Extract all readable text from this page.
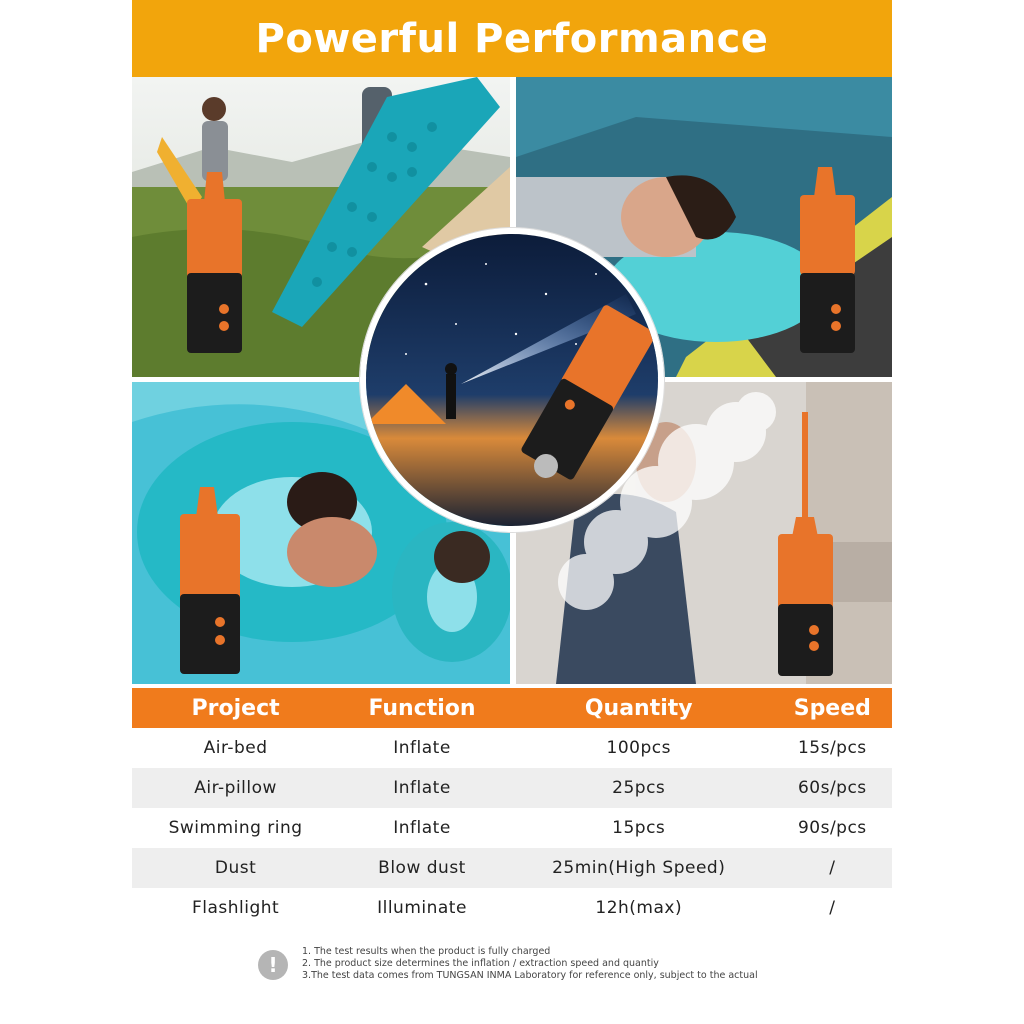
Powerful Performance
Project	Function	Quantity	Speed
Air-bed	Inflate	100pcs	15s/pcs
Air-pillow	Inflate	25pcs	60s/pcs
Swimming ring	Inflate	15pcs	90s/pcs
Dust	Blow dust	25min(High Speed)	/
Flashlight	Illuminate	12h(max)	/
!
1. The test results when the product is fully charged
2. The product size determines the inflation / extraction speed and quantiy
3.The test data comes from TUNGSAN INMA Laboratory for reference only, subject to the actual
